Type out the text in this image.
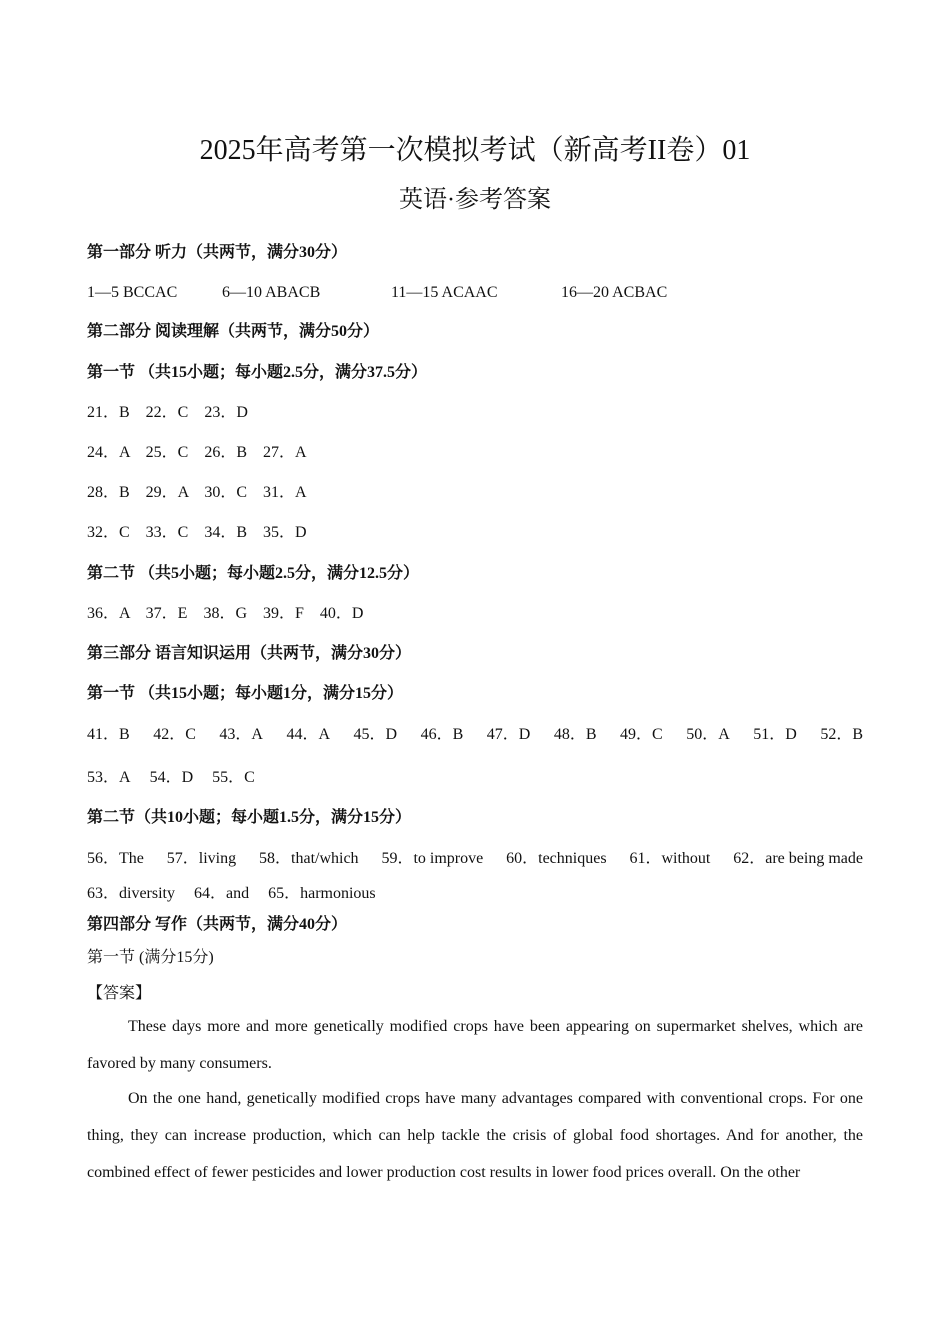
2025年高考第一次模拟考试（新高考II卷）01
英语·参考答案
第一部分 听力（共两节，满分30分）
1—5 BCCAC	6—10 ABACB	11—15 ACAAC	16—20 ACBAC
第二部分 阅读理解（共两节，满分50分）
第一节 （共15小题；每小题2.5分，满分37.5分）
21．B    22．C    23．D
24．A    25．C    26．B    27．A
28．B    29．A    30．C    31．A
32．C    33．C    34．B    35．D
第二节 （共5小题；每小题2.5分，满分12.5分）
36．A    37．E    38．G    39．F    40．D
第三部分 语言知识运用（共两节，满分30分）
第一节 （共15小题；每小题1分，满分15分）
41．B 42．C 43．A 44．A 45．D 46．B 47．D 48．B 49．C 50．A 51．D 52．B
53．A 54．D 55．C
第二节（共10小题；每小题1.5分，满分15分）
56．The 57．living 58．that/which 59．to improve 60．techniques 61．without 62．are being made
63．diversity 64．and 65．harmonious
第四部分 写作（共两节，满分40分）
第一节 (满分15分)
【答案】
These days more and more genetically modified crops have been appearing on supermarket shelves, which are favored by many consumers.
On the one hand, genetically modified crops have many advantages compared with conventional crops. For one thing, they can increase production, which can help tackle the crisis of global food shortages. And for another, the combined effect of fewer pesticides and lower production cost results in lower food prices overall. On the other
